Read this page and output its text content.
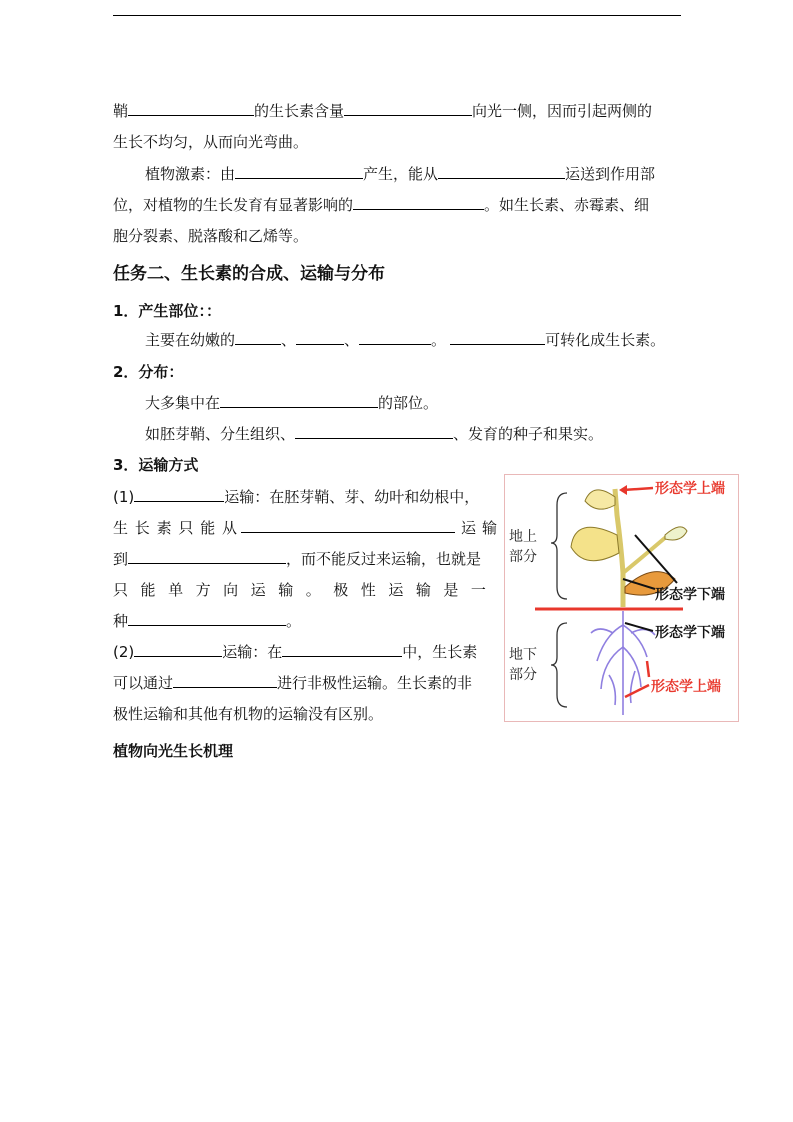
鞘	的生长素含量	向光一侧，因而引起两侧的
生长不均匀，从而向光弯曲。
植物激素：由	产生，能从	运送到作用部
位，对植物的生长发育有显著影响的	。如生长素、赤霉素、细
胞分裂素、脱落酸和乙烯等。
任务二、生长素的合成、运输与分布
1．产生部位：：
主要在幼嫩的	、	、	。	可转化成生长素。
2．分布：
大多集中在	的部位。
如胚芽鞘、分生组织、	、发育的种子和果实。
3．运输方式
(1)	运输：在胚芽鞘、芽、幼叶和幼根中，
生 长 素 只 能 从	运输
到	，而不能反过来运输，也就是
只 能 单 方 向 运 输 。 极 性 运 输 是 一
种	。
(2)	运输：在	中，生长素
可以通过	进行非极性运输。生长素的非
极性运输和其他有机物的运输没有区别。
地上
部分
地下
部分
形态学上端
形态学下端
形态学下端
形态学上端
植物向光生长机理
